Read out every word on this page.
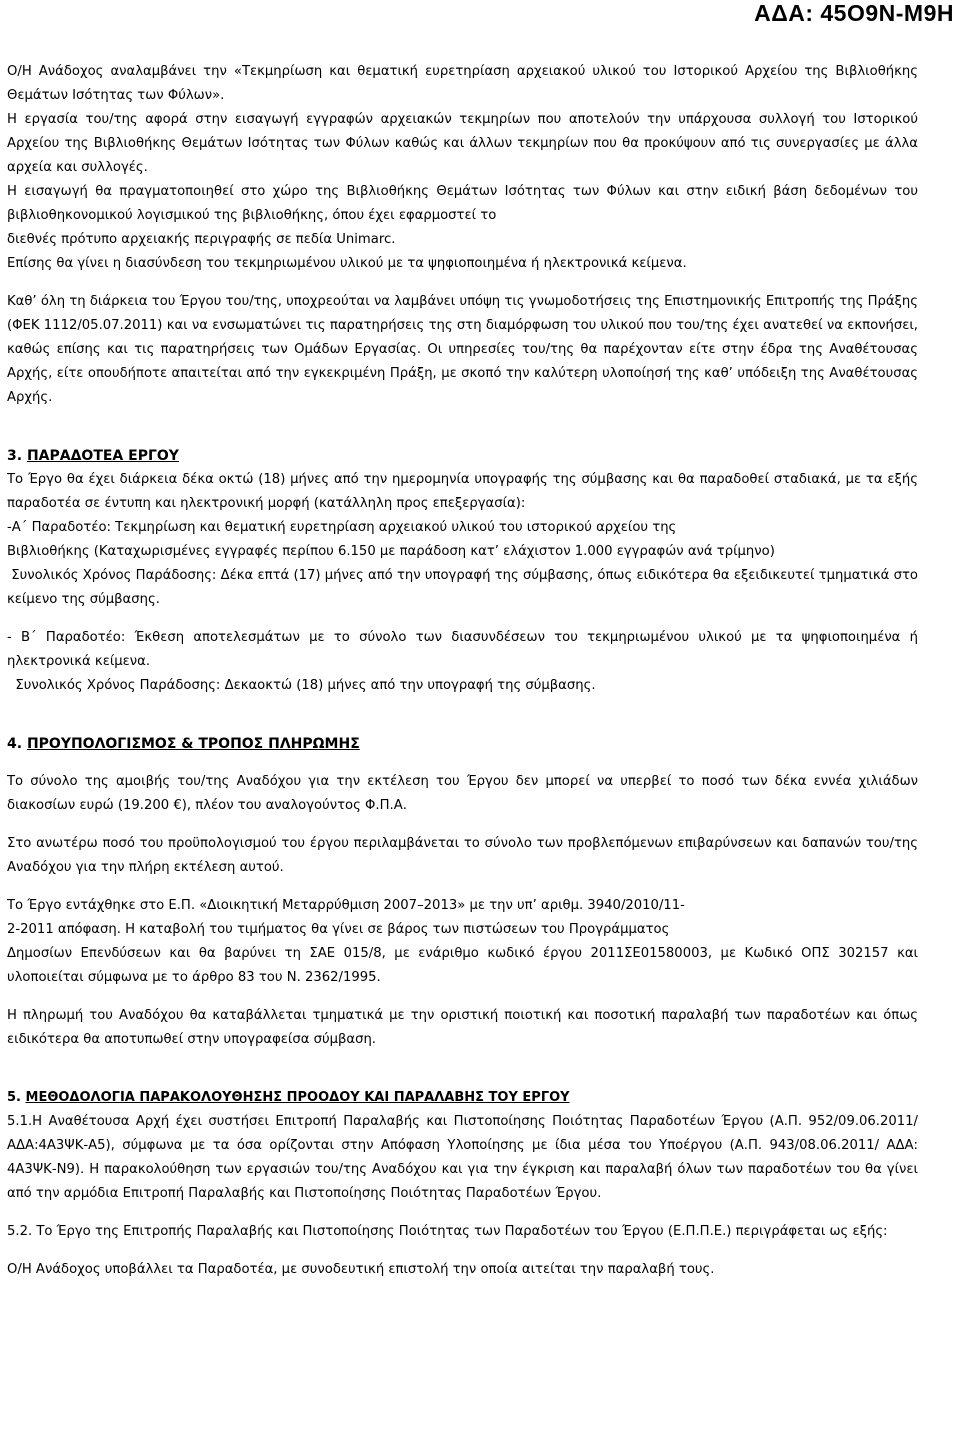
ΑΔΑ: 45Ο9Ν-Μ9Η

Ο/Η Ανάδοχος αναλαμβάνει την «Τεκμηρίωση και θεματική ευρετηρίαση αρχειακού υλικού του Ιστορικού Αρχείου της Βιβλιοθήκης Θεμάτων Ισότητας των Φύλων».

Η εργασία του/της αφορά στην εισαγωγή εγγραφών αρχειακών τεκμηρίων που αποτελούν την υπάρχουσα συλλογή του Ιστορικού Αρχείου της Βιβλιοθήκης Θεμάτων Ισότητας των Φύλων καθώς και άλλων τεκμηρίων που θα προκύψουν από τις συνεργασίες με άλλα αρχεία και συλλογές.

Η εισαγωγή θα πραγματοποιηθεί στο χώρο της Βιβλιοθήκης Θεμάτων Ισότητας των Φύλων και στην ειδική βάση δεδομένων του βιβλιοθηκονομικού λογισμικού της βιβλιοθήκης, όπου έχει εφαρμοστεί το

διεθνές πρότυπο αρχειακής περιγραφής σε πεδία Unimarc.

Επίσης θα γίνει η διασύνδεση του τεκμηριωμένου υλικού με τα ψηφιοποιημένα ή ηλεκτρονικά κείμενα.

Καθ’ όλη τη διάρκεια του Έργου του/της, υποχρεούται να λαμβάνει υπόψη τις γνωμοδοτήσεις της Επιστημονικής Επιτροπής της Πράξης (ΦΕΚ 1112/05.07.2011) και να ενσωματώνει τις παρατηρήσεις της στη διαμόρφωση του υλικού που του/της έχει ανατεθεί να εκπονήσει, καθώς επίσης και τις παρατηρήσεις των Ομάδων Εργασίας. Οι υπηρεσίες του/της θα παρέχονταν είτε στην έδρα της Αναθέτουσας Αρχής, είτε οπουδήποτε απαιτείται από την εγκεκριμένη Πράξη, με σκοπό την καλύτερη υλοποίησή της καθ’ υπόδειξη της Αναθέτουσας Αρχής.

3. ΠΑΡΑΔΟΤΕΑ ΕΡΓΟΥ

Το Έργο θα έχει διάρκεια δέκα οκτώ (18) μήνες από την ημερομηνία υπογραφής της σύμβασης και θα παραδοθεί σταδιακά, με τα εξής παραδοτέα σε έντυπη και ηλεκτρονική μορφή (κατάλληλη προς επεξεργασία):

-Α΄ Παραδοτέο: Τεκμηρίωση και θεματική ευρετηρίαση αρχειακού υλικού του ιστορικού αρχείου της

Βιβλιοθήκης (Καταχωρισμένες εγγραφές περίπου 6.150 με παράδοση κατ’ ελάχιστον 1.000 εγγραφών ανά τρίμηνο)

Συνολικός Χρόνος Παράδοσης: Δέκα επτά (17) μήνες από την υπογραφή της σύμβασης, όπως ειδικότερα θα εξειδικευτεί τμηματικά στο κείμενο της σύμβασης.

- Β΄ Παραδοτέο: Έκθεση αποτελεσμάτων με το σύνολο των διασυνδέσεων του τεκμηριωμένου υλικού με τα ψηφιοποιημένα ή ηλεκτρονικά κείμενα.

Συνολικός Χρόνος Παράδοσης: Δεκαοκτώ (18) μήνες από την υπογραφή της σύμβασης.

4. ΠΡΟΥΠΟΛΟΓΙΣΜΟΣ & ΤΡΟΠΟΣ ΠΛΗΡΩΜΗΣ

Το σύνολο της αμοιβής του/της Αναδόχου για την εκτέλεση του Έργου δεν μπορεί να υπερβεί το ποσό των δέκα εννέα χιλιάδων διακοσίων ευρώ (19.200 €), πλέον του αναλογούντος Φ.Π.Α.

Στο ανωτέρω ποσό του προϋπολογισμού του έργου περιλαμβάνεται το σύνολο των προβλεπόμενων επιβαρύνσεων και δαπανών του/της Αναδόχου για την πλήρη εκτέλεση αυτού.

Το Έργο εντάχθηκε στο Ε.Π. «Διοικητική Μεταρρύθμιση 2007–2013» με την υπ’ αριθμ. 3940/2010/11-

2-2011 απόφαση. Η καταβολή του τιμήματος θα γίνει σε βάρος των πιστώσεων του Προγράμματος

Δημοσίων Επενδύσεων και θα βαρύνει τη ΣΑΕ 015/8, με ενάριθμο κωδικό έργου 2011ΣΕ01580003, με Κωδικό ΟΠΣ 302157 και υλοποιείται σύμφωνα με το άρθρο 83 του Ν. 2362/1995.

Η πληρωμή του Αναδόχου θα καταβάλλεται τμηματικά με την οριστική ποιοτική και ποσοτική παραλαβή των παραδοτέων και όπως ειδικότερα θα αποτυπωθεί στην υπογραφείσα σύμβαση.

5. ΜΕΘΟΔΟΛΟΓΙΑ ΠΑΡΑΚΟΛΟΥΘΗΣΗΣ ΠΡΟΟΔΟΥ ΚΑΙ ΠΑΡΑΛΑΒΗΣ ΤΟΥ ΕΡΓΟΥ

5.1.Η Αναθέτουσα Αρχή έχει συστήσει Επιτροπή Παραλαβής και Πιστοποίησης Ποιότητας Παραδοτέων Έργου (Α.Π. 952/09.06.2011/ ΑΔΑ:4Α3ΨΚ-Α5), σύμφωνα με τα όσα ορίζονται στην Απόφαση Υλοποίησης με ίδια μέσα του Υποέργου (Α.Π. 943/08.06.2011/ ΑΔΑ: 4Α3ΨΚ-Ν9). Η παρακολούθηση των εργασιών του/της Αναδόχου και για την έγκριση και παραλαβή όλων των παραδοτέων του θα γίνει από την αρμόδια Επιτροπή Παραλαβής και Πιστοποίησης Ποιότητας Παραδοτέων Έργου.

5.2. Το Έργο της Επιτροπής Παραλαβής και Πιστοποίησης Ποιότητας των Παραδοτέων του Έργου (Ε.Π.Π.Ε.) περιγράφεται ως εξής:

Ο/Η Ανάδοχος υποβάλλει τα Παραδοτέα, με συνοδευτική επιστολή την οποία αιτείται την παραλαβή τους.
